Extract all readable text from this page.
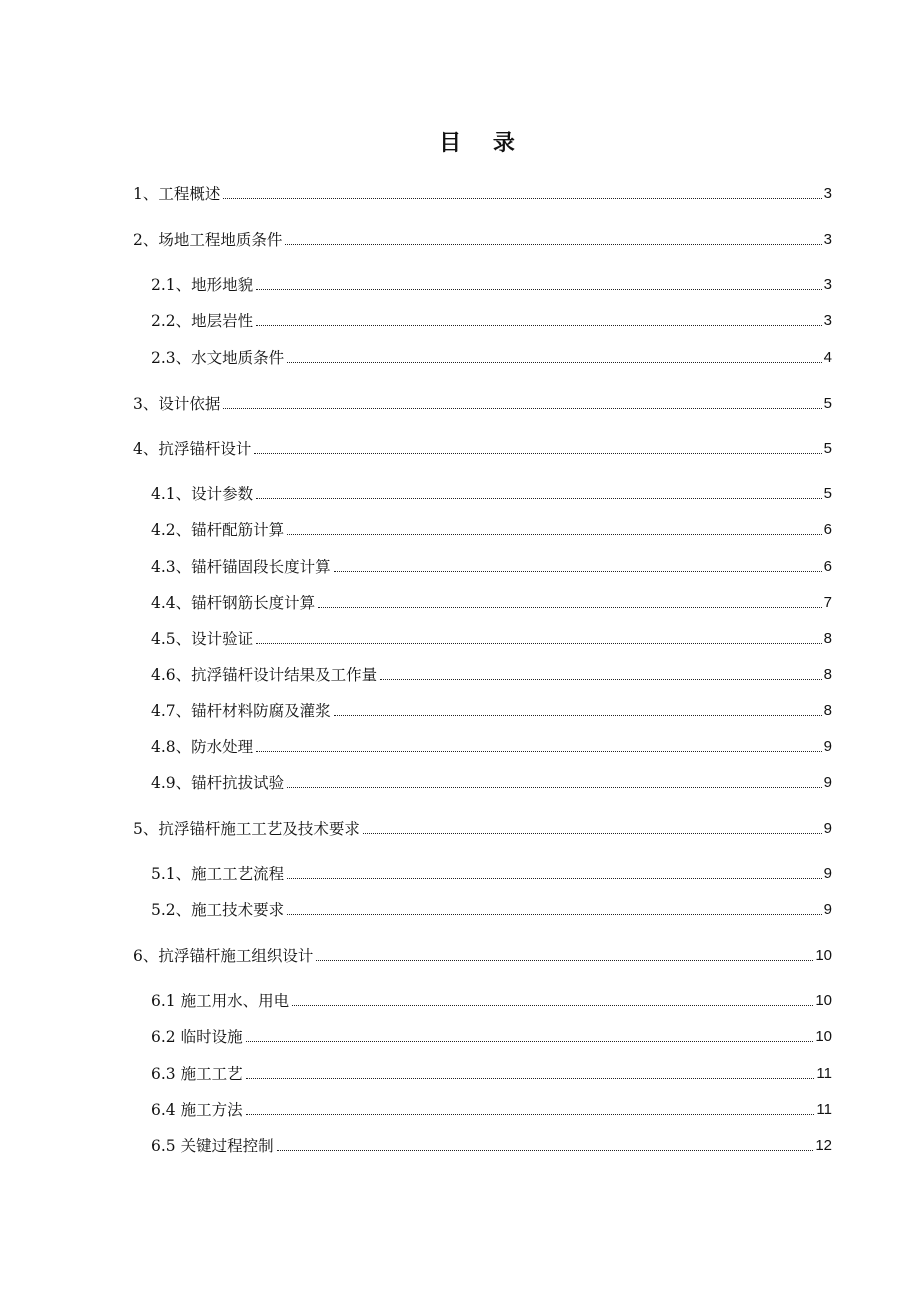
目 录
1、工程概述	3
2、场地工程地质条件	3
2.1、地形地貌	3
2.2、地层岩性	3
2.3、水文地质条件	4
3、设计依据	5
4、抗浮锚杆设计	5
4.1、设计参数	5
4.2、锚杆配筋计算	6
4.3、锚杆锚固段长度计算	6
4.4、锚杆钢筋长度计算	7
4.5、设计验证	8
4.6、抗浮锚杆设计结果及工作量	8
4.7、锚杆材料防腐及灌浆	8
4.8、防水处理	9
4.9、锚杆抗拔试验	9
5、抗浮锚杆施工工艺及技术要求	9
5.1、施工工艺流程	9
5.2、施工技术要求	9
6、抗浮锚杆施工组织设计	10
6.1 施工用水、用电	10
6.2 临时设施	10
6.3 施工工艺	11
6.4 施工方法	11
6.5 关键过程控制	12
